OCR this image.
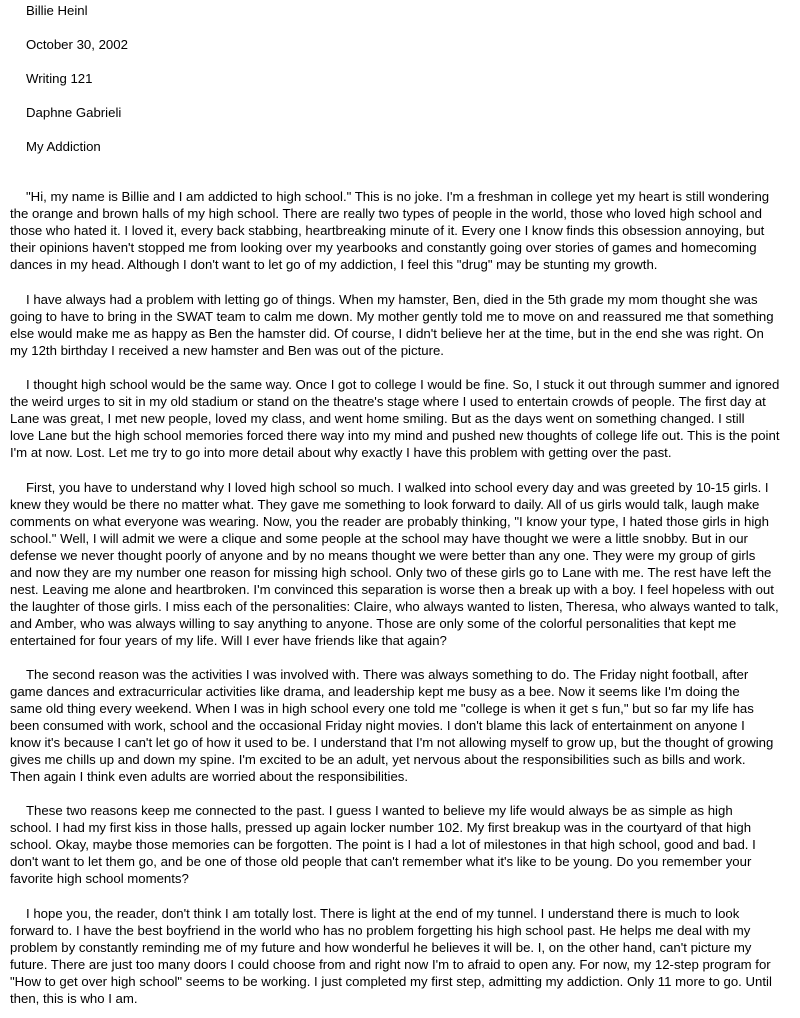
Billie Heinl
October 30, 2002
Writing 121
Daphne Gabrieli
My Addiction
"Hi, my name is Billie and I am addicted to high school." This is no joke. I'm a freshman in college yet my heart is still wondering
the orange and brown halls of my high school. There are really two types of people in the world, those who loved high school and
those who hated it. I loved it, every back stabbing, heartbreaking minute of it. Every one I know finds this obsession annoying, but
their opinions haven't stopped me from looking over my yearbooks and constantly going over stories of games and homecoming
dances in my head. Although I don't want to let go of my addiction, I feel this "drug" may be stunting my growth.
I have always had a problem with letting go of things. When my hamster, Ben, died in the 5th grade my mom thought she was
going to have to bring in the SWAT team to calm me down. My mother gently told me to move on and reassured me that something
else would make me as happy as Ben the hamster did. Of course, I didn't believe her at the time, but in the end she was right. On
my 12th birthday I received a new hamster and Ben was out of the picture.
I thought high school would be the same way. Once I got to college I would be fine. So, I stuck it out through summer and ignored
the weird urges to sit in my old stadium or stand on the theatre's stage where I used to entertain crowds of people. The first day at
Lane was great, I met new people, loved my class, and went home smiling. But as the days went on something changed. I still
love Lane but the high school memories forced there way into my mind and pushed new thoughts of college life out. This is the point
I'm at now. Lost. Let me try to go into more detail about why exactly I have this problem with getting over the past.
First, you have to understand why I loved high school so much. I walked into school every day and was greeted by 10-15 girls. I
knew they would be there no matter what. They gave me something to look forward to daily. All of us girls would talk, laugh make
comments on what everyone was wearing. Now, you the reader are probably thinking, "I know your type, I hated those girls in high
school." Well, I will admit we were a clique and some people at the school may have thought we were a little snobby. But in our
defense we never thought poorly of anyone and by no means thought we were better than any one. They were my group of girls
and now they are my number one reason for missing high school. Only two of these girls go to Lane with me. The rest have left the
nest. Leaving me alone and heartbroken. I'm convinced this separation is worse then a break up with a boy. I feel hopeless with out
the laughter of those girls. I miss each of the personalities: Claire, who always wanted to listen, Theresa, who always wanted to talk,
and Amber, who was always willing to say anything to anyone. Those are only some of the colorful personalities that kept me
entertained for four years of my life. Will I ever have friends like that again?
The second reason was the activities I was involved with. There was always something to do. The Friday night football, after
game dances and extracurricular activities like drama, and leadership kept me busy as a bee. Now it seems like I'm doing the
same old thing every weekend. When I was in high school every one told me "college is when it get s fun," but so far my life has
been consumed with work, school and the occasional Friday night movies. I don't blame this lack of entertainment on anyone I
know it's because I can't let go of how it used to be. I understand that I'm not allowing myself to grow up, but the thought of growing
gives me chills up and down my spine. I'm excited to be an adult, yet nervous about the responsibilities such as bills and work.
Then again I think even adults are worried about the responsibilities.
These two reasons keep me connected to the past. I guess I wanted to believe my life would always be as simple as high
school. I had my first kiss in those halls, pressed up again locker number 102. My first breakup was in the courtyard of that high
school. Okay, maybe those memories can be forgotten. The point is I had a lot of milestones in that high school, good and bad. I
don't want to let them go, and be one of those old people that can't remember what it's like to be young. Do you remember your
favorite high school moments?
I hope you, the reader, don't think I am totally lost. There is light at the end of my tunnel. I understand there is much to look
forward to. I have the best boyfriend in the world who has no problem forgetting his high school past. He helps me deal with my
problem by constantly reminding me of my future and how wonderful he believes it will be. I, on the other hand, can't picture my
future. There are just too many doors I could choose from and right now I'm to afraid to open any. For now, my 12-step program for
"How to get over high school" seems to be working. I just completed my first step, admitting my addiction. Only 11 more to go. Until
then, this is who I am.
